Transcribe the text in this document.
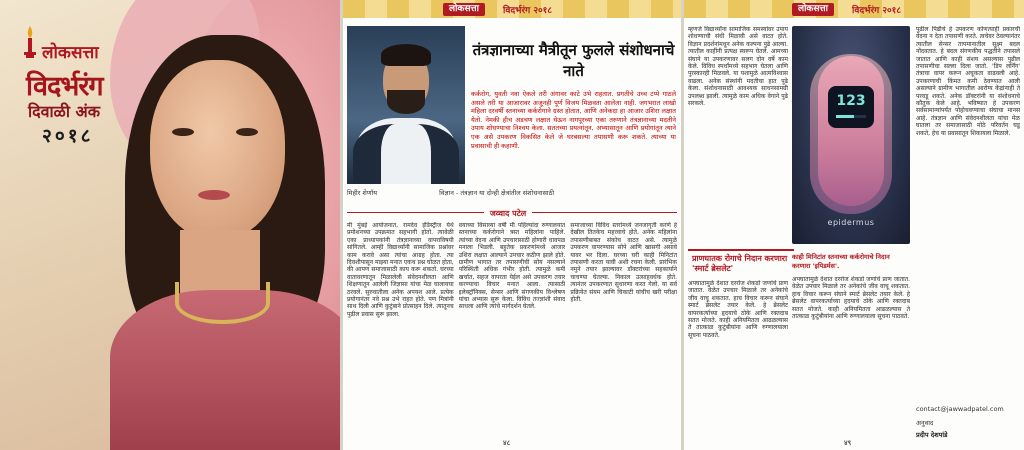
लोकसत्ता
विदर्भरंग
दिवाळी अंक
२०१८
लोकसत्ता	विदर्भरंग २०१८
तंत्रज्ञानाच्या मैत्रीतून फुलले संशोधनाचे नाते
कर्करोग, युवती नवा ऐकले तरी अंगावर काटे उभे राहतात. प्रगतीचे उच्च टप्पे गाठले असले तरी या आजारावर अजूनही पूर्ण विजय मिळवता आलेला नाही. जगभरात लाखो महिला दरवर्षी स्तनाच्या कर्करोगाने ग्रस्त होतात, आणि अनेकदा हा आजार उशिरा लक्षात येतो. नेमकी हीच अडचण लक्षात घेऊन नागपूरच्या एका तरुणाने तंत्रज्ञानाच्या मदतीने उपाय शोधण्याचा निश्चय केला. सततच्या प्रयत्नांतून, अभ्यासातून आणि प्रयोगांतून त्याने एक असे उपकरण विकसित केले जे घरबसल्या तपासणी करू शकते. त्याच्या या प्रवासाची ही कहाणी.
मिहीर शेणॉय	विज्ञान - तंत्रज्ञान या दोन्ही क्षेत्रांतील संशोधनासाठी
जव्वाद पटेल
मी मुंबई आयोजनात, रामदेव इंडिस्ट्रीज येथे प्रमोशनच्या उपक्रमात सहभागी होतो. त्यावेळी एका प्राध्यापकांनी तंत्रज्ञानाच्या वापराविषयी सांगितले. आम्ही विद्यार्थ्यांनी सामाजिक प्रश्नांवर काम करावे असा त्यांचा आग्रह होता. त्या दिवशीपासून माझ्या मनात एकच प्रश्न घोळत होता, की आपण समाजासाठी काय करू शकतो. घरच्या वातावरणातून मिळालेली संवेदनशीलता आणि शिक्षणातून आलेली जिज्ञासा यांचा मेळ घालायचा ठरवले. सुरुवातीला अनेक अपयश आले. प्रत्येक प्रयोगानंतर नवे प्रश्न उभे राहत होते. पण मित्रांनी साथ दिली आणि कुटुंबाने प्रोत्साहन दिले. त्यातूनच पुढील प्रवास सुरू झाला.
वयाच्या विसाव्या वर्षी मी पहिल्यांदा रुग्णालयात स्तनाच्या कर्करोगाने त्रस्त महिलांना पाहिले. त्यांच्या वेदना आणि उपचारासाठी होणारी धावपळ मनाला भिडली. बहुतेक प्रकरणांमध्ये आजार उशिरा लक्षात आल्याने उपचार कठीण झाले होते. ग्रामीण भागात तर तपासणीची सोय नसल्याने परिस्थिती अधिक गंभीर होती. त्यामुळे कमी खर्चात, सहज वापरता येईल असे उपकरण तयार करण्याचा विचार मनात आला. त्यासाठी इलेक्ट्रॉनिक्स, सेन्सर आणि संगणकीय विश्लेषण यांचा अभ्यास सुरू केला. विविध तज्ज्ञांशी संवाद साधला आणि त्यांचे मार्गदर्शन घेतले.
समाजाच्या विविध स्तरांमध्ये जनजागृती करणे हे देखील तितकेच महत्त्वाचे होते. अनेक महिलांना तपासणीबाबत संकोच वाटत असे. त्यामुळे उपकरण वापरण्यास सोपे आणि खासगी असावे यावर भर दिला. घरच्या घरी काही मिनिटांत तपासणी करता यावी अशी रचना केली. प्रारंभिक नमुने तयार झाल्यावर डॉक्टरांच्या सहकार्याने चाचण्या घेतल्या. निकाल उत्साहवर्धक होते. त्यानंतर उपकरणात सुधारणा करत गेलो. या सर्व प्रक्रियेत संयम आणि चिकाटी यांचीच खरी परीक्षा होती.
४८
लोकसत्ता	विदर्भरंग २०१८
म्हणजे विद्यार्थ्यांना सामाजिक समस्यांवर उपाय शोधण्याची संधी मिळावी असे वाटत होते. विज्ञान प्रदर्शनांमधून अनेक कल्पना पुढे आल्या. त्यातील काहींनी प्रत्यक्ष स्वरूप घेतले. आमच्या संघाने या उपकरणावर सलग दोन वर्षे काम केले. विविध स्पर्धांमध्ये सहभाग घेतला आणि पुरस्कारही मिळवले. या यशामुळे आत्मविश्वास वाढला. अनेक संस्थांनी मदतीचा हात पुढे केला. संशोधनासाठी आवश्यक साधनसामग्री उपलब्ध झाली. त्यामुळे काम अधिक वेगाने पुढे सरकले.
प्राणघातक रोगाचे निदान करणारा 'स्मार्ट ब्रेसलेट'
अपघातामुळे देशात दररोज शेकडो जणांचे प्राण जातात. वेळेत उपचार मिळाले तर अनेकांचे जीव वाचू शकतात. हाच विचार करून संघाने स्मार्ट ब्रेसलेट तयार केले. हे ब्रेसलेट वापरकर्त्याच्या हृदयाचे ठोके आणि रक्तदाब सतत मोजते. काही अनियमितता आढळल्यास ते तात्काळ कुटुंबीयांना आणि रुग्णालयाला सूचना पाठवते.
123
epidermus
काही मिनिटांत स्तनाच्या कर्करोगाचे निदान करणारा 'इपिडर्मस'.
अपघातामुळे देशात दररोज शेकडो जणांचे प्राण जातात. वेळेत उपचार मिळाले तर अनेकांचे जीव वाचू शकतात. हाच विचार करून संघाने स्मार्ट ब्रेसलेट तयार केले. हे ब्रेसलेट वापरकर्त्याच्या हृदयाचे ठोके आणि रक्तदाब सतत मोजते. काही अनियमितता आढळल्यास ते तात्काळ कुटुंबीयांना आणि रुग्णालयाला सूचना पाठवते.
पुढील पिढीचे हे उपकरण कोणत्याही प्रकारची वेदना न देता तपासणी करते. त्वचेवर ठेवल्यानंतर त्यातील सेन्सर तापमानातील सूक्ष्म बदल नोंदवतात. हे बदल संगणकीय पद्धतीने तपासले जातात आणि काही संशय असल्यास पुढील तपासणीचा सल्ला दिला जातो. 'डिप लर्निंग' तंत्राचा वापर करून अचूकता वाढवली आहे. उपकरणाची किंमत कमी ठेवण्यात आली असल्याने ग्रामीण भागातील आरोग्य केंद्रांनाही ते परवडू शकते. अनेक डॉक्टरांनी या संशोधनाचे कौतुक केले आहे. भविष्यात हे उपकरण सर्वसामान्यांपर्यंत पोहोचवण्याचा संघाचा मानस आहे. तंत्रज्ञान आणि संवेदनशीलता यांचा मेळ घातला तर समाजासाठी मोठे परिवर्तन घडू शकते, हेच या प्रवासातून शिकायला मिळाले.
contact@jawwadpatel.com
अनुवाद
प्रदीप देशपांडे
४९
